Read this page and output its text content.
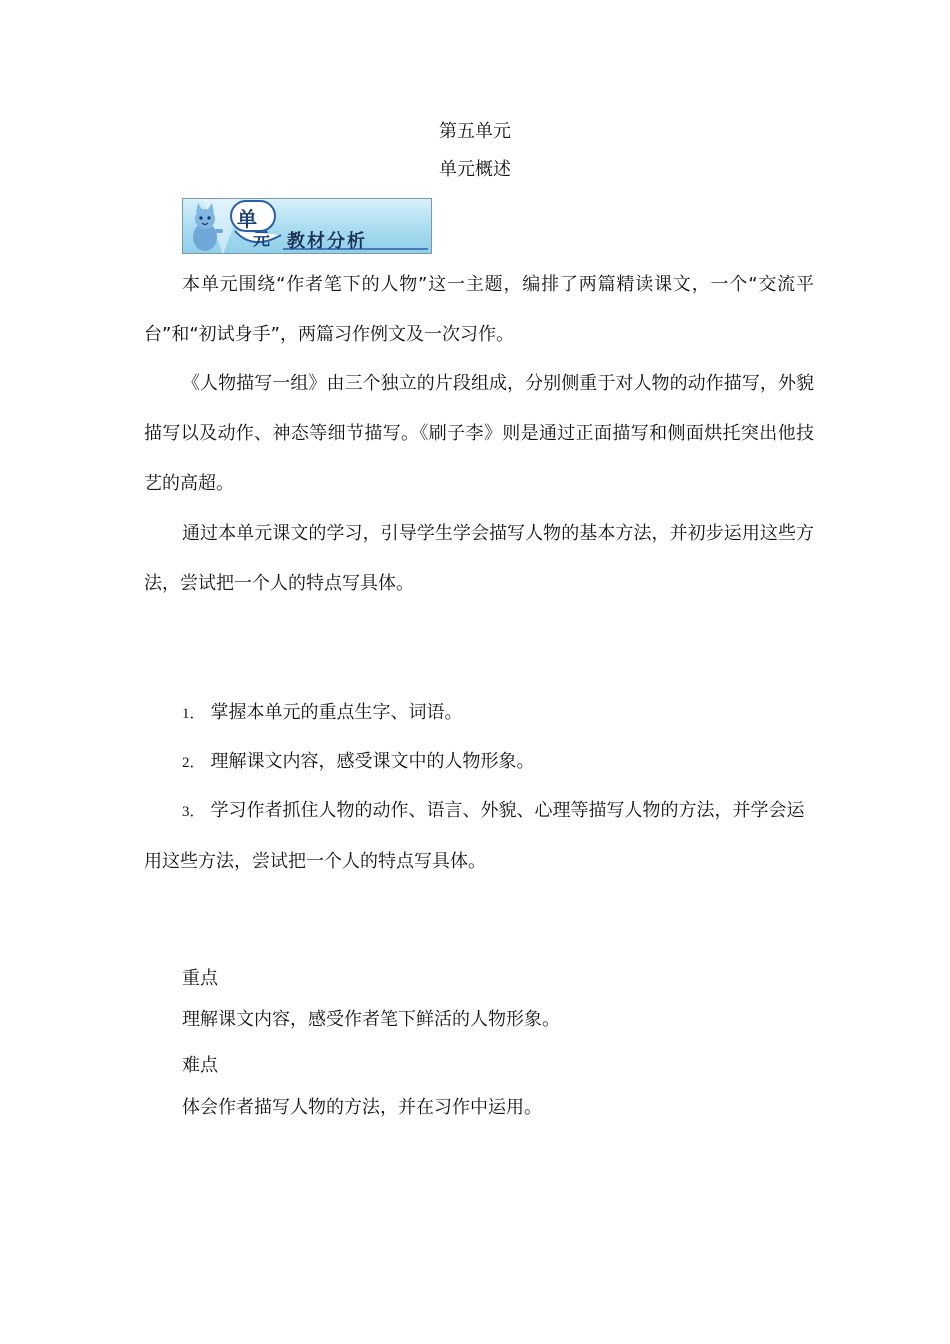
第五单元
单元概述
单
元 教材分析

本单元围绕“作者笔下的人物”这一主题，编排了两篇精读课文，一个“交流平台”和“初试身手”，两篇习作例文及一次习作。

《人物描写一组》由三个独立的片段组成，分别侧重于对人物的动作描写，外貌描写以及动作、神态等细节描写。《刷子李》则是通过正面描写和侧面烘托突出他技艺的高超。

通过本单元课文的学习，引导学生学会描写人物的基本方法，并初步运用这些方法，尝试把一个人的特点写具体。

1． 掌握本单元的重点生字、词语。

2． 理解课文内容，感受课文中的人物形象。

3． 学习作者抓住人物的动作、语言、外貌、心理等描写人物的方法，并学会运用这些方法，尝试把一个人的特点写具体。

重点
理解课文内容，感受作者笔下鲜活的人物形象。
难点
体会作者描写人物的方法，并在习作中运用。
